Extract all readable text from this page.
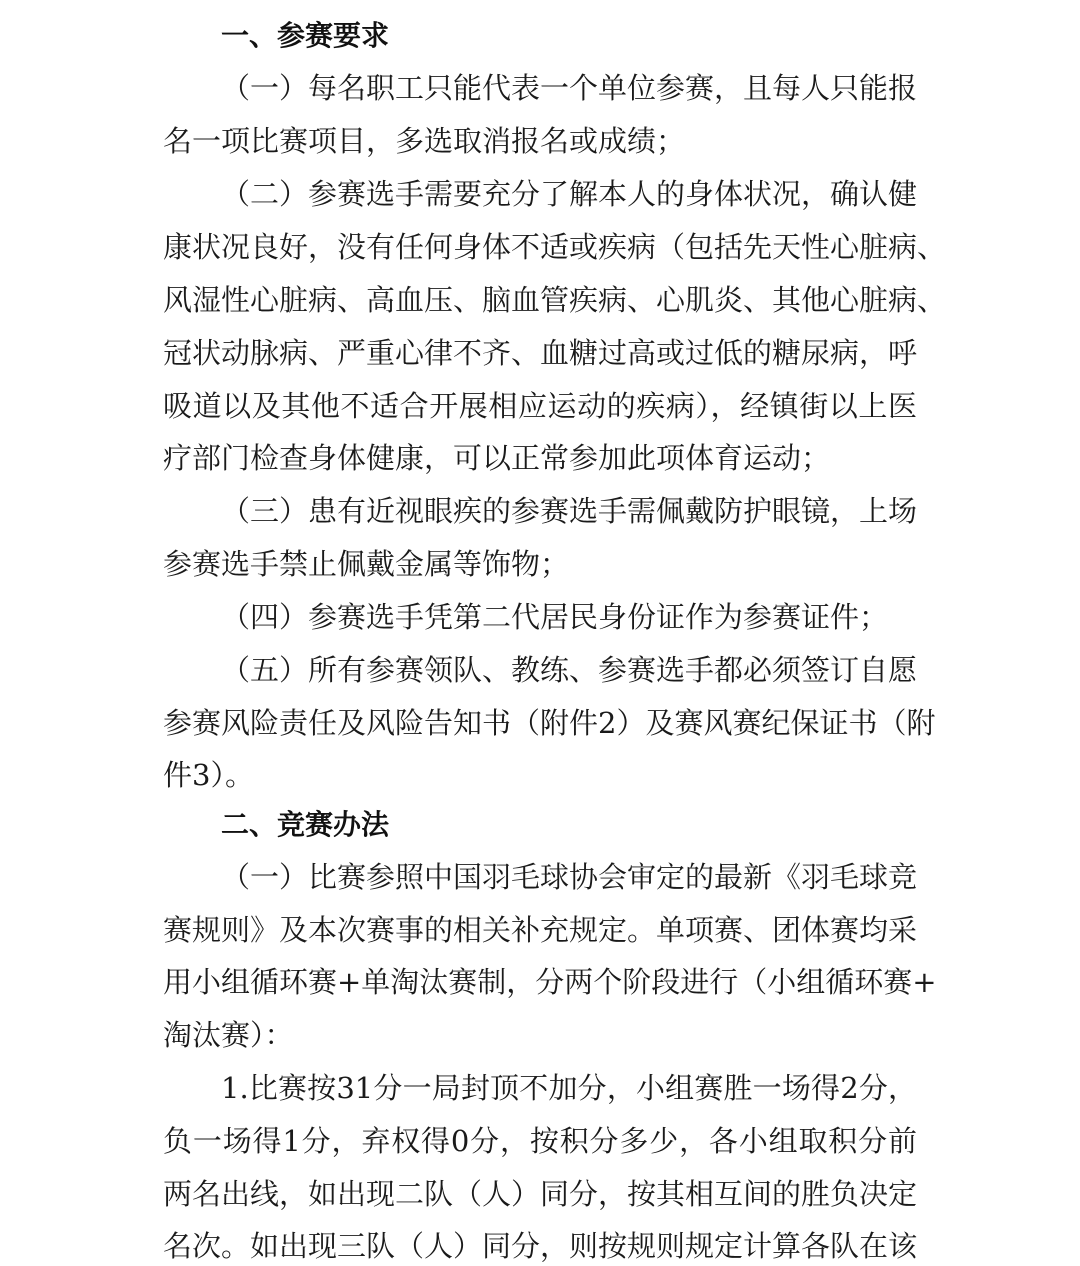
一、参赛要求
（一）每名职工只能代表一个单位参赛，且每人只能报
名一项比赛项目，多选取消报名或成绩；
（二）参赛选手需要充分了解本人的身体状况，确认健
康状况良好，没有任何身体不适或疾病（包括先天性心脏病、
风湿性心脏病、高血压、脑血管疾病、心肌炎、其他心脏病、
冠状动脉病、严重心律不齐、血糖过高或过低的糖尿病，呼
吸道以及其他不适合开展相应运动的疾病），经镇街以上医
疗部门检查身体健康，可以正常参加此项体育运动；
（三）患有近视眼疾的参赛选手需佩戴防护眼镜，上场
参赛选手禁止佩戴金属等饰物；
（四）参赛选手凭第二代居民身份证作为参赛证件；
（五）所有参赛领队、教练、参赛选手都必须签订自愿
参赛风险责任及风险告知书（附件2）及赛风赛纪保证书（附
件3）。
二、竞赛办法
（一）比赛参照中国羽毛球协会审定的最新《羽毛球竞
赛规则》及本次赛事的相关补充规定。单项赛、团体赛均采
用小组循环赛+单淘汰赛制，分两个阶段进行（小组循环赛+
淘汰赛）：
1.比赛按31分一局封顶不加分，小组赛胜一场得2分，
负一场得1分，弃权得0分，按积分多少，各小组取积分前
两名出线，如出现二队（人）同分，按其相互间的胜负决定
名次。如出现三队（人）同分，则按规则规定计算各队在该
